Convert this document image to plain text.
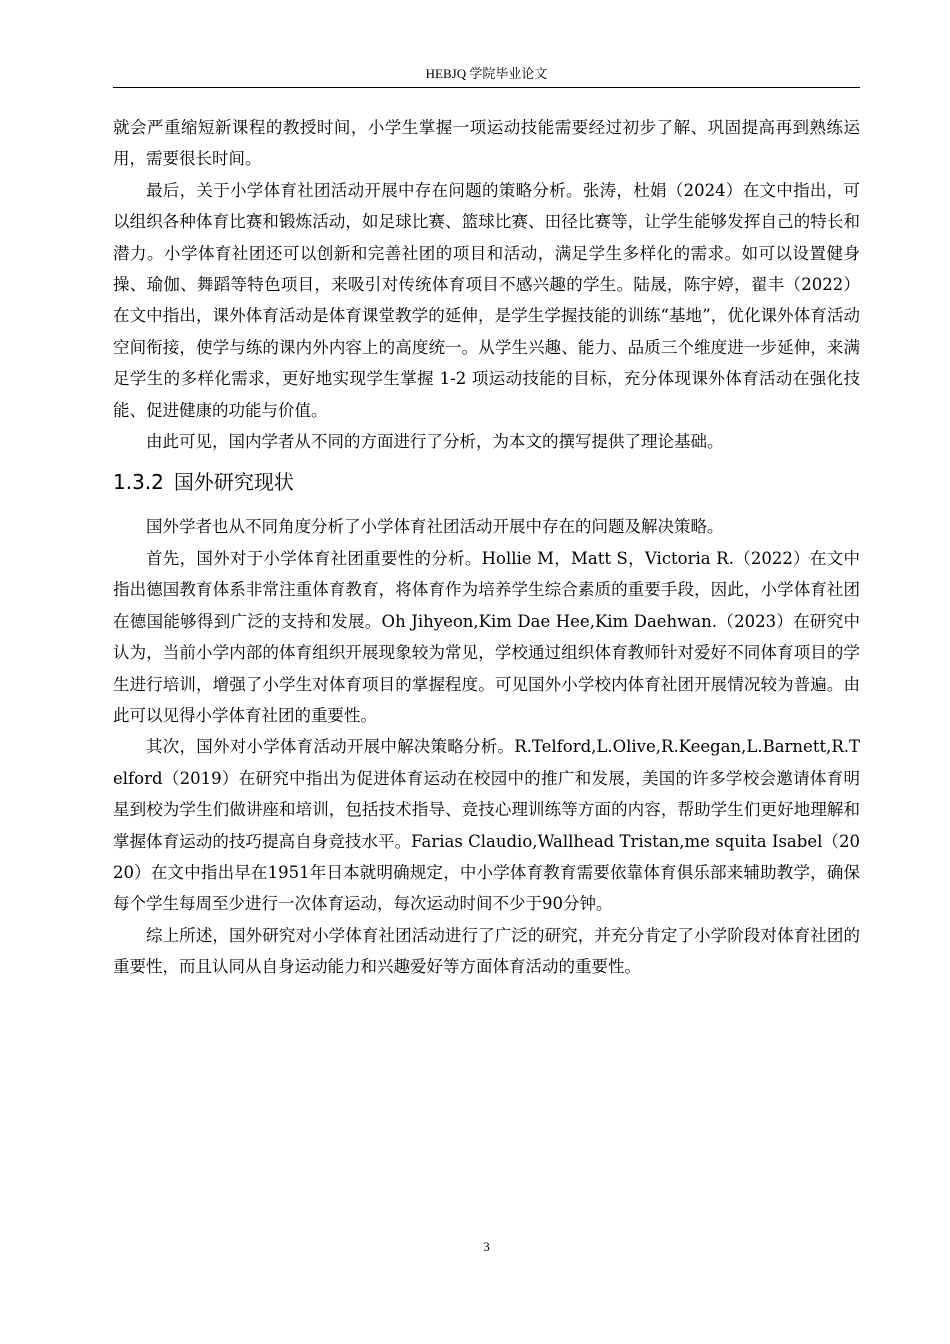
HEBJQ 学院毕业论文

就会严重缩短新课程的教授时间，小学生掌握一项运动技能需要经过初步了解、巩固提高再到熟练运用，需要很长时间。

最后，关于小学体育社团活动开展中存在问题的策略分析。张涛，杜娟（2024）在文中指出，可以组织各种体育比赛和锻炼活动，如足球比赛、篮球比赛、田径比赛等，让学生能够发挥自己的特长和潜力。小学体育社团还可以创新和完善社团的项目和活动，满足学生多样化的需求。如可以设置健身操、瑜伽、舞蹈等特色项目，来吸引对传统体育项目不感兴趣的学生。陆晟，陈宇婷，翟丰（2022）在文中指出，课外体育活动是体育课堂教学的延伸，是学生学握技能的训练“基地”，优化课外体育活动空间衔接，使学与练的课内外内容上的高度统一。从学生兴趣、能力、品质三个维度进一步延伸，来满足学生的多样化需求，更好地实现学生掌握 1-2 项运动技能的目标，充分体现课外体育活动在强化技能、促进健康的功能与价值。

由此可见，国内学者从不同的方面进行了分析，为本文的撰写提供了理论基础。

1.3.2 国外研究现状

国外学者也从不同角度分析了小学体育社团活动开展中存在的问题及解决策略。

首先，国外对于小学体育社团重要性的分析。Hollie M，Matt S，Victoria R.（2022）在文中指出德国教育体系非常注重体育教育，将体育作为培养学生综合素质的重要手段，因此，小学体育社团在德国能够得到广泛的支持和发展。Oh Jihyeon,Kim Dae Hee,Kim Daehwan.（2023）在研究中认为，当前小学内部的体育组织开展现象较为常见，学校通过组织体育教师针对爱好不同体育项目的学生进行培训，增强了小学生对体育项目的掌握程度。可见国外小学校内体育社团开展情况较为普遍。由此可以见得小学体育社团的重要性。

其次，国外对小学体育活动开展中解决策略分析。R.Telford,L.Olive,R.Keegan,L.Barnett,R.Telford（2019）在研究中指出为促进体育运动在校园中的推广和发展，美国的许多学校会邀请体育明星到校为学生们做讲座和培训，包括技术指导、竞技心理训练等方面的内容，帮助学生们更好地理解和掌握体育运动的技巧提高自身竞技水平。Farias Claudio,Wallhead Tristan,me squita Isabel（2020）在文中指出早在1951年日本就明确规定，中小学体育教育需要依靠体育俱乐部来辅助教学，确保每个学生每周至少进行一次体育运动，每次运动时间不少于90分钟。

综上所述，国外研究对小学体育社团活动进行了广泛的研究，并充分肯定了小学阶段对体育社团的重要性，而且认同从自身运动能力和兴趣爱好等方面体育活动的重要性。

3
